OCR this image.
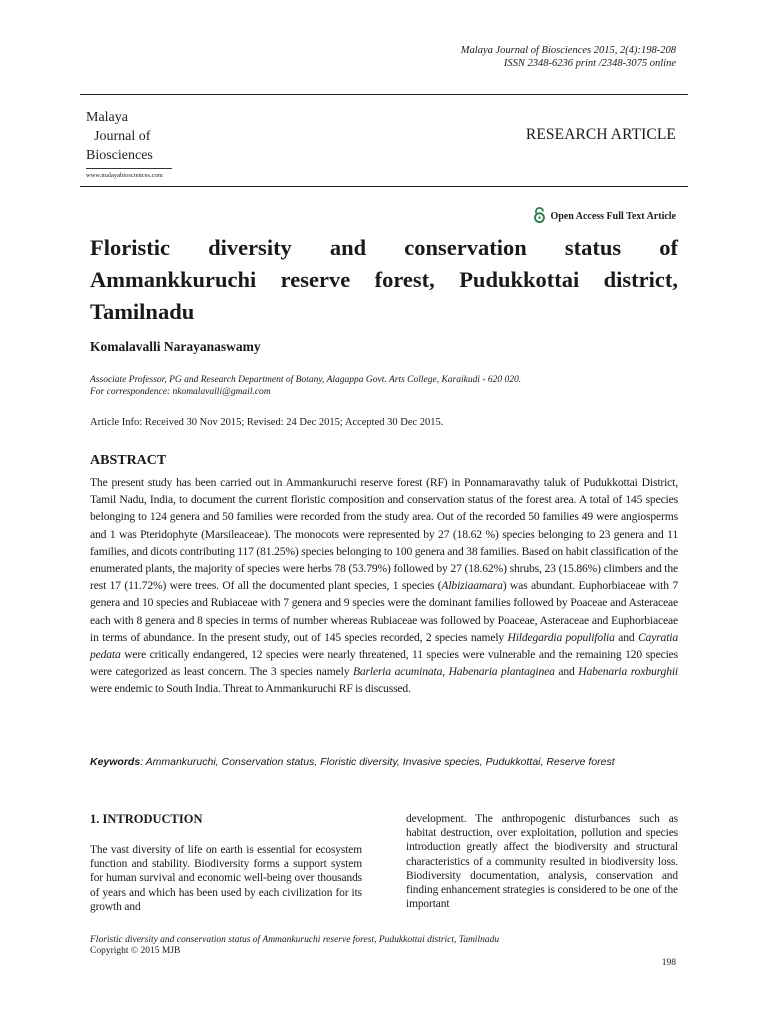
Malaya Journal of Biosciences 2015, 2(4):198-208
ISSN 2348-6236 print /2348-3075 online
Malaya
Journal of
Biosciences
www.malayabiosciences.com
RESEARCH ARTICLE
Open Access Full Text Article
Floristic diversity and conservation status of Ammankkuruchi reserve forest, Pudukkottai district, Tamilnadu
Komalavalli Narayanaswamy
Associate Professor, PG and Research Department of Botany, Alagappa Govt. Arts College, Karaikudi - 620 020.
For correspondence: nkomalavalli@gmail.com
Article Info: Received 30 Nov 2015; Revised: 24 Dec 2015; Accepted 30 Dec 2015.
ABSTRACT
The present study has been carried out in Ammankuruchi reserve forest (RF) in Ponnamaravathy taluk of Pudukkottai District, Tamil Nadu, India, to document the current floristic composition and conservation status of the forest area. A total of 145 species belonging to 124 genera and 50 families were recorded from the study area. Out of the recorded 50 families 49 were angiosperms and 1 was Pteridophyte (Marsileaceae). The monocots were represented by 27 (18.62 %) species belonging to 23 genera and 11 families, and dicots contributing 117 (81.25%) species belonging to 100 genera and 38 families. Based on habit classification of the enumerated plants, the majority of species were herbs 78 (53.79%) followed by 27 (18.62%) shrubs, 23 (15.86%) climbers and the rest 17 (11.72%) were trees. Of all the documented plant species, 1 species (Albiziaamara) was abundant. Euphorbiaceae with 7 genera and 10 species and Rubiaceae with 7 genera and 9 species were the dominant families followed by Poaceae and Asteraceae each with 8 genera and 8 species in terms of number whereas Rubiaceae was followed by Poaceae, Asteraceae and Euphorbiaceae in terms of abundance. In the present study, out of 145 species recorded, 2 species namely Hildegardia populifolia and Cayratia pedata were critically endangered, 12 species were nearly threatened, 11 species were vulnerable and the remaining 120 species were categorized as least concern. The 3 species namely Barleria acuminata, Habenaria plantaginea and Habenaria roxburghii were endemic to South India. Threat to Ammankuruchi RF is discussed.
Keywords: Ammankuruchi, Conservation status, Floristic diversity, Invasive species, Pudukkottai, Reserve forest
1. INTRODUCTION
The vast diversity of life on earth is essential for ecosystem function and stability. Biodiversity forms a support system for human survival and economic well-being over thousands of years and which has been used by each civilization for its growth and
development. The anthropogenic disturbances such as habitat destruction, over exploitation, pollution and species introduction greatly affect the biodiversity and structural characteristics of a community resulted in biodiversity loss. Biodiversity documentation, analysis, conservation and finding enhancement strategies is considered to be one of the important
Floristic diversity and conservation status of Ammankuruchi reserve forest, Pudukkottai district, Tamilnadu
Copyright © 2015 MJB
198
